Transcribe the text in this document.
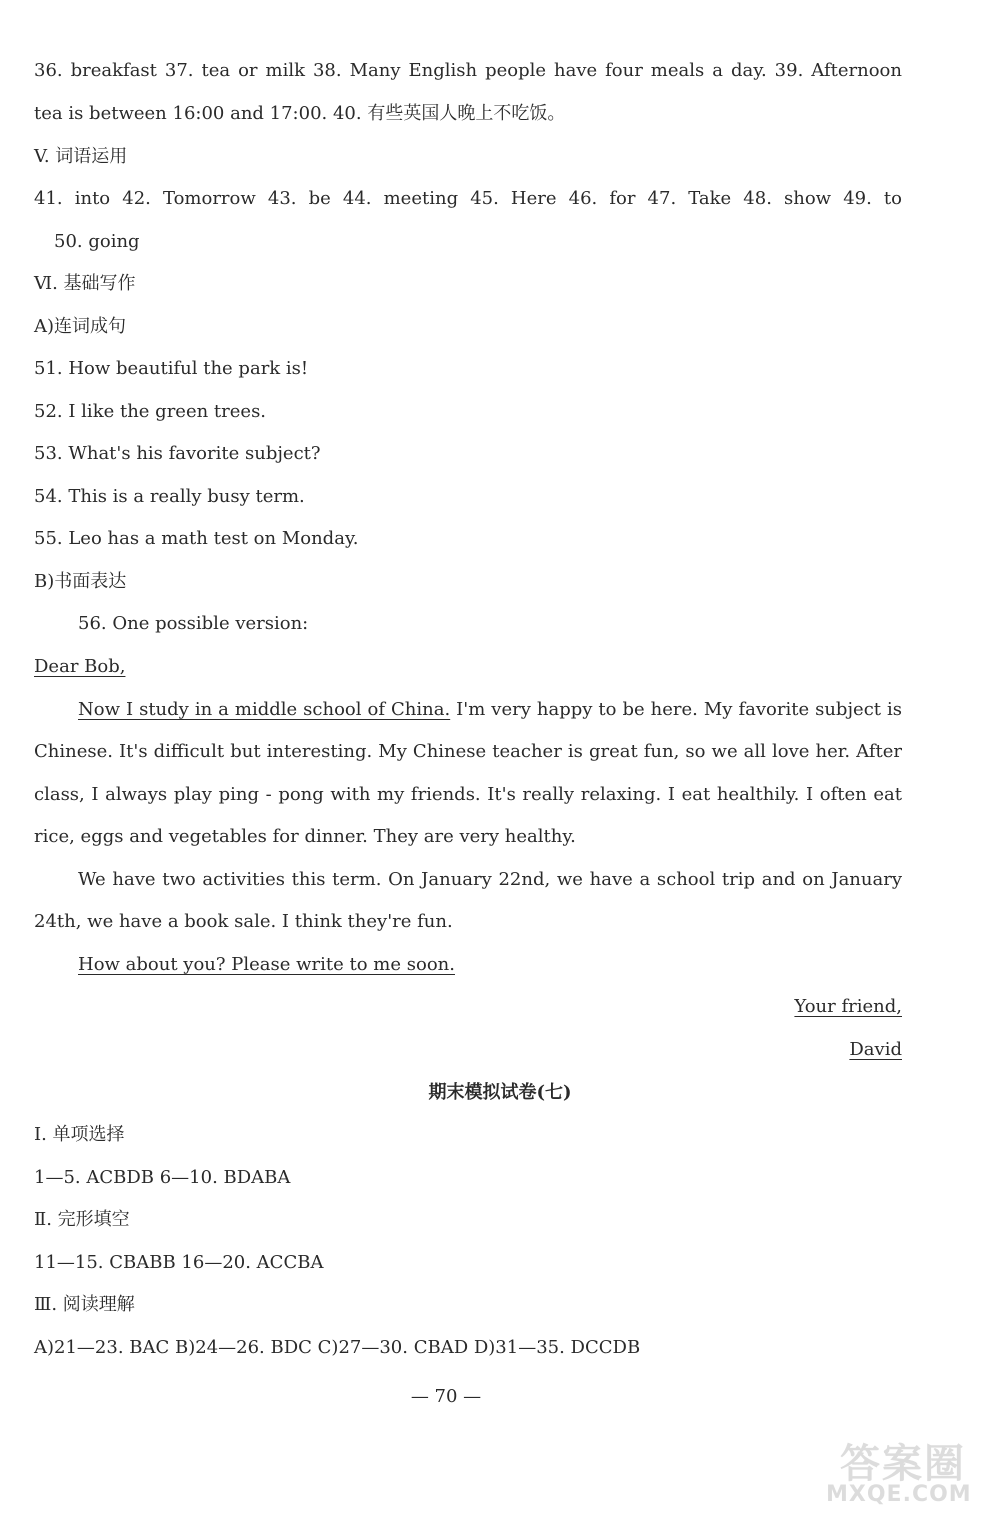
36. breakfast 37. tea or milk 38. Many English people have four meals a day. 39. Afternoon
tea is between 16:00 and 17:00. 40. 有些英国人晚上不吃饭。
V. 词语运用
41. into 42. Tomorrow 43. be 44. meeting 45. Here 46. for 47. Take 48. show 49. to
50. going
Ⅵ. 基础写作
A)连词成句
51. How beautiful the park is!
52. I like the green trees.
53. What's his favorite subject?
54. This is a really busy term.
55. Leo has a math test on Monday.
B)书面表达
56. One possible version:
Dear Bob,
Now I study in a middle school of China. I'm very happy to be here. My favorite subject is
Chinese. It's difficult but interesting. My Chinese teacher is great fun, so we all love her. After
class, I always play ping - pong with my friends. It's really relaxing. I eat healthily. I often eat
rice, eggs and vegetables for dinner. They are very healthy.
We have two activities this term. On January 22nd, we have a school trip and on January
24th, we have a book sale. I think they're fun.
How about you? Please write to me soon.
Your friend,
David
期末模拟试卷(七)
Ⅰ. 单项选择
1—5. ACBDB 6—10. BDABA
Ⅱ. 完形填空
11—15. CBABB 16—20. ACCBA
Ⅲ. 阅读理解
A)21—23. BAC B)24—26. BDC C)27—30. CBAD D)31—35. DCCDB
— 70 —
答案圈
MXQE.COM
